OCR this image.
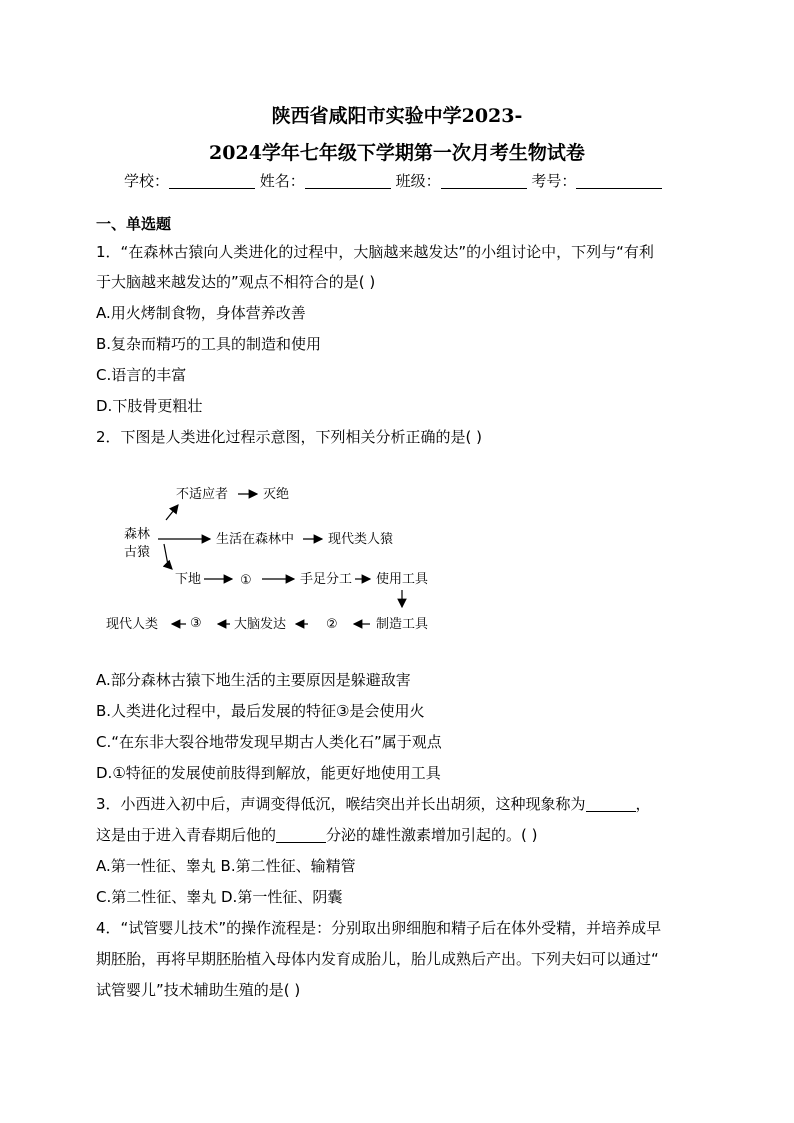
陕西省咸阳市实验中学2023-
2024学年七年级下学期第一次月考生物试卷
学校：	姓名：	班级：	考号：
一、单选题
1．“在森林古猿向人类进化的过程中，大脑越来越发达”的小组讨论中，下列与“有利
于大脑越来越发达的”观点不相符合的是( )
A.用火烤制食物，身体营养改善
B.复杂而精巧的工具的制造和使用
C.语言的丰富
D.下肢骨更粗壮
2．下图是人类进化过程示意图，下列相关分析正确的是( )
森林
古猿
不适应者	灭绝
生活在森林中	现代类人猿
下地	①	手足分工 使用工具
制造工具
②
大脑发达
③
现代人类
A.部分森林古猿下地生活的主要原因是躲避敌害
B.人类进化过程中，最后发展的特征③是会使用火
C.“在东非大裂谷地带发现早期古人类化石”属于观点
D.①特征的发展使前肢得到解放，能更好地使用工具
3．小西进入初中后，声调变得低沉，喉结突出并长出胡须，这种现象称为	，
这是由于进入青春期后他的	分泌的雄性激素增加引起的。( )
A.第一性征、睾丸 B.第二性征、输精管
C.第二性征、睾丸 D.第一性征、阴囊
4．“试管婴儿技术”的操作流程是：分别取出卵细胞和精子后在体外受精，并培养成早
期胚胎，再将早期胚胎植入母体内发育成胎儿，胎儿成熟后产出。下列夫妇可以通过“
试管婴儿”技术辅助生殖的是( )
